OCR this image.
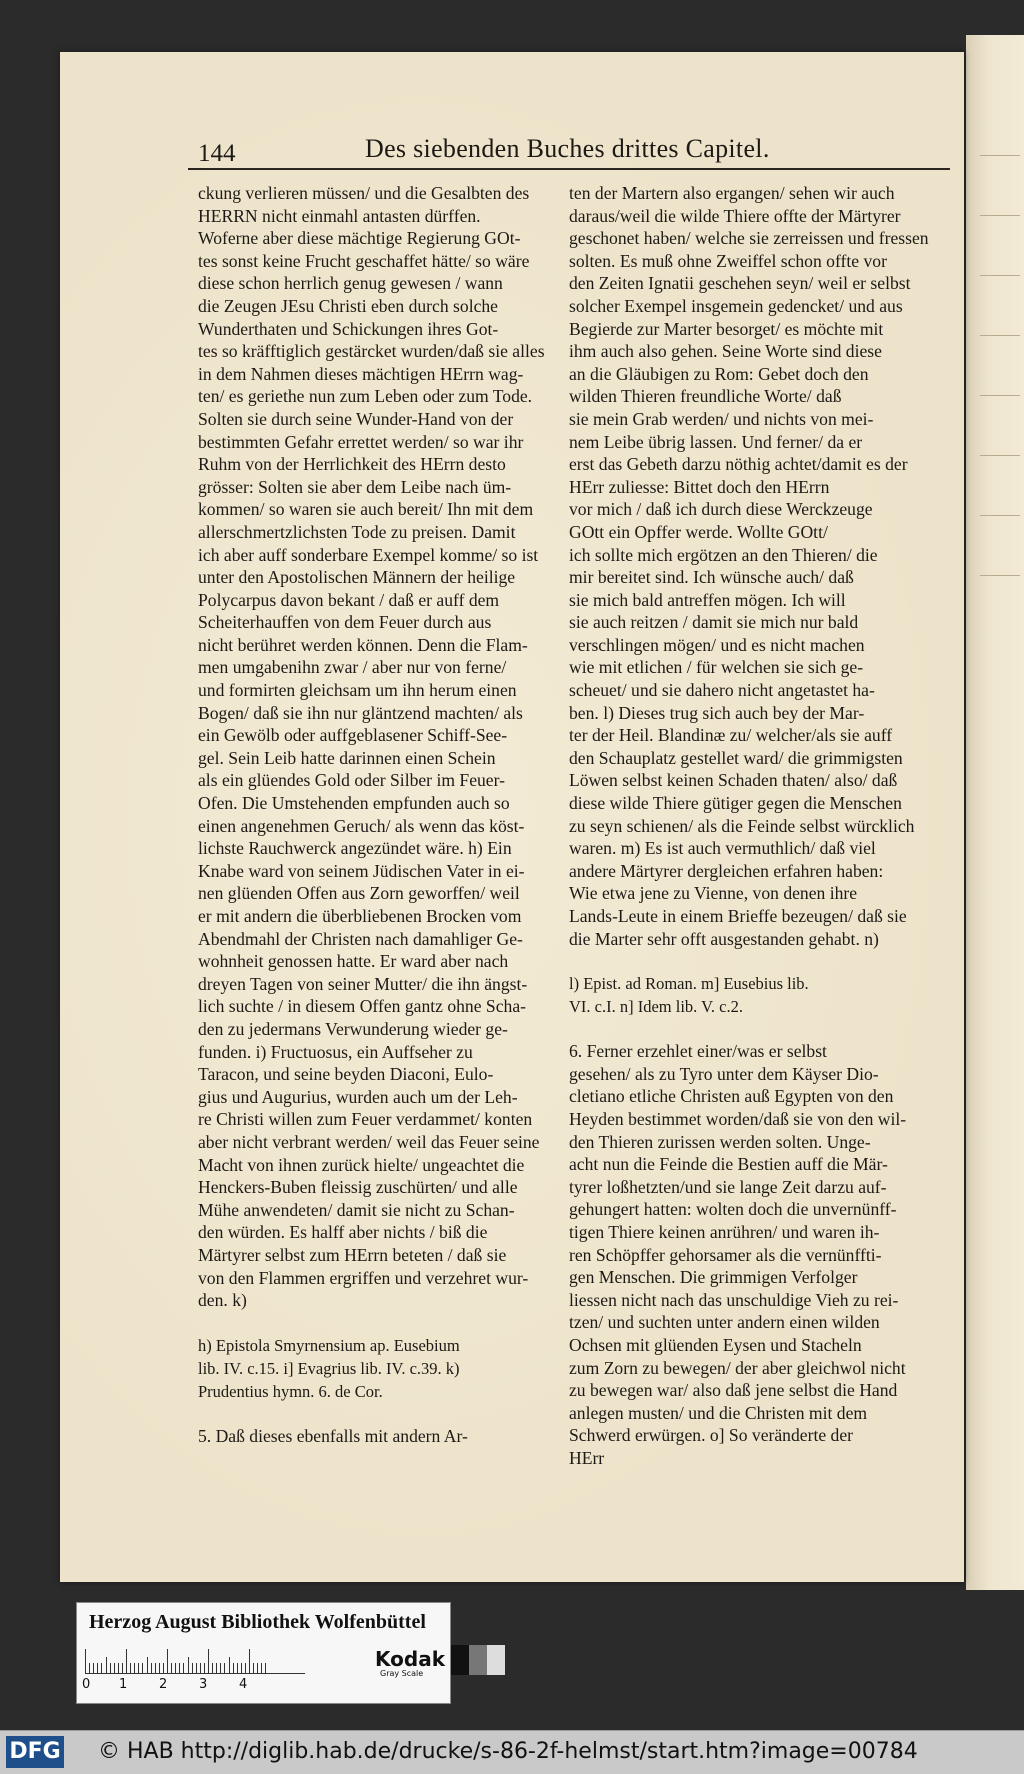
144	Des siebenden Buches drittes Capitel.
ckung verlieren müssen/ und die Gesalbten des
HERRN nicht einmahl antasten dürffen.
Woferne aber diese mächtige Regierung GOt-
tes sonst keine Frucht geschaffet hätte/ so wäre
diese schon herrlich genug gewesen / wann
die Zeugen JEsu Christi eben durch solche
Wunderthaten und Schickungen ihres Got-
tes so kräfftiglich gestärcket wurden/daß sie alles
in dem Nahmen dieses mächtigen HErrn wag-
ten/ es geriethe nun zum Leben oder zum Tode.
Solten sie durch seine Wunder-Hand von der
bestimmten Gefahr errettet werden/ so war ihr
Ruhm von der Herrlichkeit des HErrn desto
grösser: Solten sie aber dem Leibe nach üm-
kommen/ so waren sie auch bereit/ Ihn mit dem
allerschmertzlichsten Tode zu preisen. Damit
ich aber auff sonderbare Exempel komme/ so ist
unter den Apostolischen Männern der heilige
Polycarpus davon bekant / daß er auff dem
Scheiterhauffen von dem Feuer durch aus
nicht berühret werden können. Denn die Flam-
men umgabenihn zwar / aber nur von ferne/
und formirten gleichsam um ihn herum einen
Bogen/ daß sie ihn nur gläntzend machten/ als
ein Gewölb oder auffgeblasener Schiff-See-
gel. Sein Leib hatte darinnen einen Schein
als ein glüendes Gold oder Silber im Feuer-
Ofen. Die Umstehenden empfunden auch so
einen angenehmen Geruch/ als wenn das köst-
lichste Rauchwerck angezündet wäre. h) Ein
Knabe ward von seinem Jüdischen Vater in ei-
nen glüenden Offen aus Zorn geworffen/ weil
er mit andern die überbliebenen Brocken vom
Abendmahl der Christen nach damahliger Ge-
wohnheit genossen hatte. Er ward aber nach
dreyen Tagen von seiner Mutter/ die ihn ängst-
lich suchte / in diesem Offen gantz ohne Scha-
den zu jedermans Verwunderung wieder ge-
funden. i) Fructuosus, ein Auffseher zu
Taracon, und seine beyden Diaconi, Eulo-
gius und Augurius, wurden auch um der Leh-
re Christi willen zum Feuer verdammet/ konten
aber nicht verbrant werden/ weil das Feuer seine
Macht von ihnen zurück hielte/ ungeachtet die
Henckers-Buben fleissig zuschürten/ und alle
Mühe anwendeten/ damit sie nicht zu Schan-
den würden. Es halff aber nichts / biß die
Märtyrer selbst zum HErrn beteten / daß sie
von den Flammen ergriffen und verzehret wur-
den. k)
h) Epistola Smyrnensium ap. Eusebium
lib. IV. c.15. i] Evagrius lib. IV. c.39. k)
Prudentius hymn. 6. de Cor.
5. Daß dieses ebenfalls mit andern Ar-
ten der Martern also ergangen/ sehen wir auch
daraus/weil die wilde Thiere offte der Märtyrer
geschonet haben/ welche sie zerreissen und fressen
solten. Es muß ohne Zweiffel schon offte vor
den Zeiten Ignatii geschehen seyn/ weil er selbst
solcher Exempel insgemein gedencket/ und aus
Begierde zur Marter besorget/ es möchte mit
ihm auch also gehen. Seine Worte sind diese
an die Gläubigen zu Rom: Gebet doch den
wilden Thieren freundliche Worte/ daß
sie mein Grab werden/ und nichts von mei-
nem Leibe übrig lassen. Und ferner/ da er
erst das Gebeth darzu nöthig achtet/damit es der
HErr zuliesse: Bittet doch den HErrn
vor mich / daß ich durch diese Werckzeuge
GOtt ein Opffer werde. Wollte GOtt/
ich sollte mich ergötzen an den Thieren/ die
mir bereitet sind. Ich wünsche auch/ daß
sie mich bald antreffen mögen. Ich will
sie auch reitzen / damit sie mich nur bald
verschlingen mögen/ und es nicht machen
wie mit etlichen / für welchen sie sich ge-
scheuet/ und sie dahero nicht angetastet ha-
ben. l) Dieses trug sich auch bey der Mar-
ter der Heil. Blandinæ zu/ welcher/als sie auff
den Schauplatz gestellet ward/ die grimmigsten
Löwen selbst keinen Schaden thaten/ also/ daß
diese wilde Thiere gütiger gegen die Menschen
zu seyn schienen/ als die Feinde selbst würcklich
waren. m) Es ist auch vermuthlich/ daß viel
andere Märtyrer dergleichen erfahren haben:
Wie etwa jene zu Vienne, von denen ihre
Lands-Leute in einem Brieffe bezeugen/ daß sie
die Marter sehr offt ausgestanden gehabt. n)
l) Epist. ad Roman. m] Eusebius lib.
VI. c.I. n] Idem lib. V. c.2.
6. Ferner erzehlet einer/was er selbst
gesehen/ als zu Tyro unter dem Käyser Dio-
cletiano etliche Christen auß Egypten von den
Heyden bestimmet worden/daß sie von den wil-
den Thieren zurissen werden solten. Unge-
acht nun die Feinde die Bestien auff die Mär-
tyrer loßhetzten/und sie lange Zeit darzu auf-
gehungert hatten: wolten doch die unvernünff-
tigen Thiere keinen anrühren/ und waren ih-
ren Schöpffer gehorsamer als die vernünffti-
gen Menschen. Die grimmigen Verfolger
liessen nicht nach das unschuldige Vieh zu rei-
tzen/ und suchten unter andern einen wilden
Ochsen mit glüenden Eysen und Stacheln
zum Zorn zu bewegen/ der aber gleichwol nicht
zu bewegen war/ also daß jene selbst die Hand
anlegen musten/ und die Christen mit dem
Schwerd erwürgen. o] So veränderte der
HErr
Herzog August Bibliothek Wolfenbüttel
0 1 2 3 4
Kodak
Gray Scale
DFG © HAB http://diglib.hab.de/drucke/s-86-2f-helmst/start.htm?image=00784
